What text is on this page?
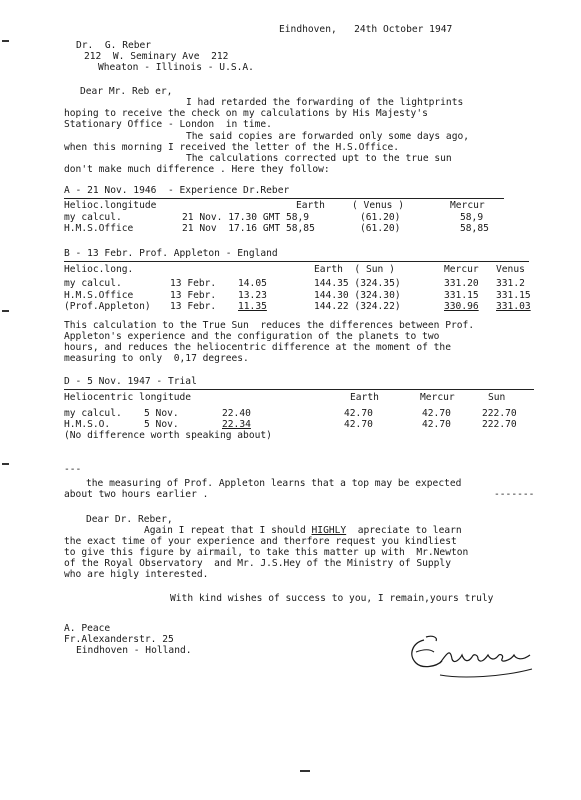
Eindhoven,   24th October 1947
Dr.  G. Reber
212  W. Seminary Ave  212
Wheaton - Illinois - U.S.A.
Dear Mr. Reb er,
I had retarded the forwarding of the lightprints
hoping to receive the check on my calculations by His Majesty's
Stationary Office - London  in time.
The said copies are forwarded only some days ago,
when this morning I received the letter of the H.S.Office.
The calculations corrected upt to the true sun
don't make much difference . Here they follow:
A - 21 Nov. 1946  - Experience Dr.Reber
Helioc.longitude	Earth	( Venus )	Mercur
my calcul.	21 Nov. 17.30 GMT 58,9	(61.20)	58,9
H.M.S.Office	21 Nov  17.16 GMT 58,85	(61.20)	58,85
B - 13 Febr. Prof. Appleton - England
Helioc.long.	Earth  ( Sun )	Mercur Venus
my calcul.	13 Febr. 14.05	144.35 (324.35)	331.20 331.2
H.M.S.Office	13 Febr. 13.23	144.30 (324.30)	331.15 331.15
(Prof.Appleton) 13 Febr. 11.35	144.22 (324.22)	330.96 331.03
This calculation to the True Sun  reduces the differences between Prof.
Appleton's experience and the configuration of the planets to two
hours, and reduces the heliocentric difference at the moment of the
measuring to only  0,17 degrees.
D - 5 Nov. 1947 - Trial
Heliocentric longitude	Earth	Mercur	Sun
my calcul. 5 Nov.	22.40	42.70	42.70	222.70
H.M.S.O.	5 Nov.	22.34	42.70	42.70	222.70
(No difference worth speaking about)
---
the measuring of Prof. Appleton learns that a top may be expected
about two hours earlier .	-------
Dear Dr. Reber,
Again I repeat that I should HIGHLY  apreciate to learn
the exact time of your experience and therfore request you kindliest
to give this figure by airmail, to take this matter up with  Mr.Newton
of the Royal Observatory  and Mr. J.S.Hey of the Ministry of Supply
who are higly interested.
With kind wishes of success to you, I remain,yours truly
A. Peace
Fr.Alexanderstr. 25
Eindhoven - Holland.
